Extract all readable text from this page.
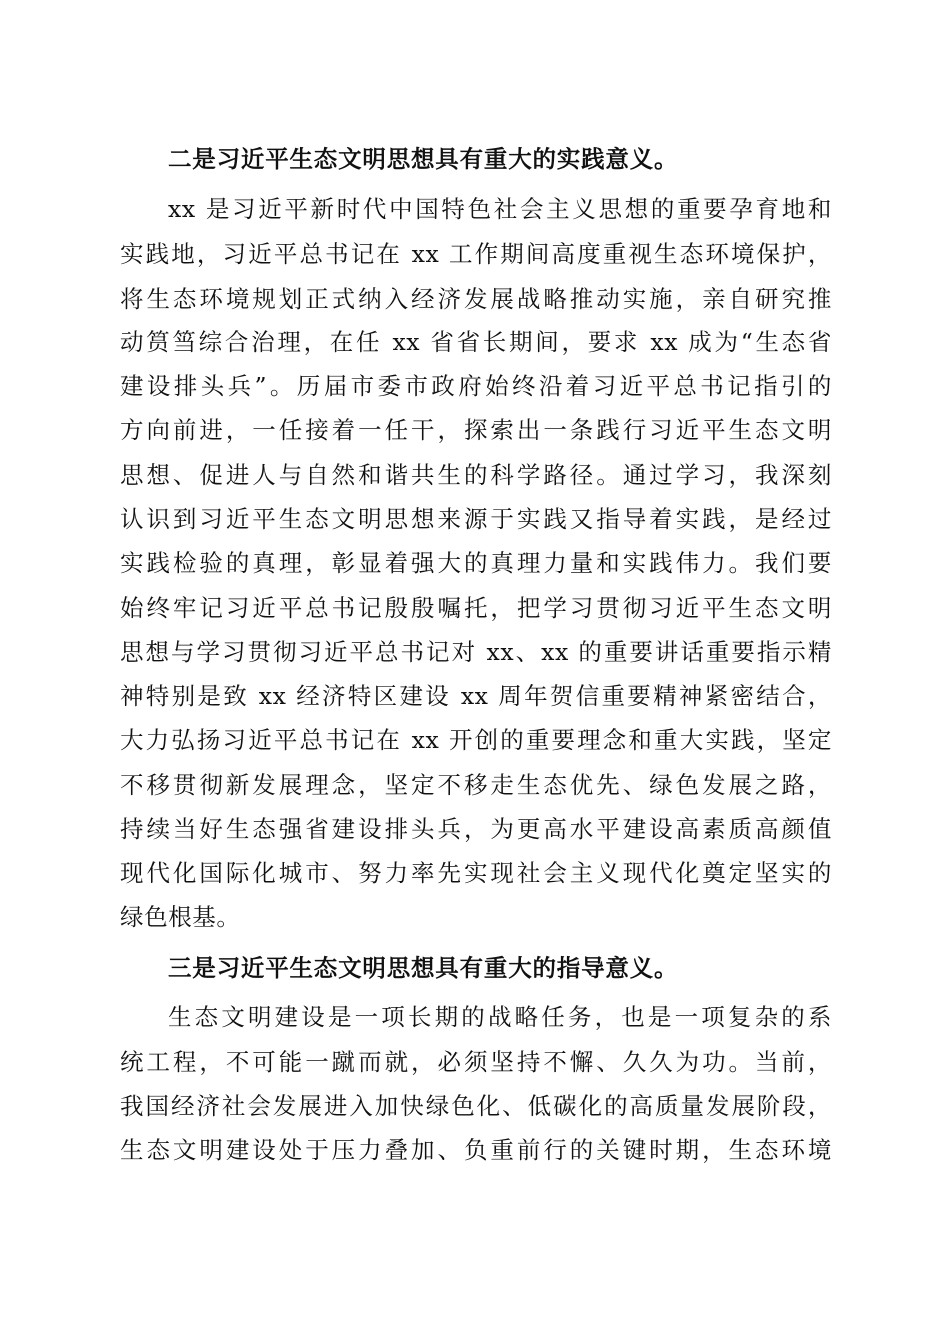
二是习近平生态文明思想具有重大的实践意义。
xx 是习近平新时代中国特色社会主义思想的重要孕育地和
实践地，习近平总书记在 xx 工作期间高度重视生态环境保护，
将生态环境规划正式纳入经济发展战略推动实施，亲自研究推
动筼筜综合治理，在任 xx 省省长期间，要求 xx 成为“生态省
建设排头兵”。历届市委市政府始终沿着习近平总书记指引的
方向前进，一任接着一任干，探索出一条践行习近平生态文明
思想、促进人与自然和谐共生的科学路径。通过学习，我深刻
认识到习近平生态文明思想来源于实践又指导着实践，是经过
实践检验的真理，彰显着强大的真理力量和实践伟力。我们要
始终牢记习近平总书记殷殷嘱托，把学习贯彻习近平生态文明
思想与学习贯彻习近平总书记对 xx、xx 的重要讲话重要指示精
神特别是致 xx 经济特区建设 xx 周年贺信重要精神紧密结合，
大力弘扬习近平总书记在 xx 开创的重要理念和重大实践，坚定
不移贯彻新发展理念，坚定不移走生态优先、绿色发展之路，
持续当好生态强省建设排头兵，为更高水平建设高素质高颜值
现代化国际化城市、努力率先实现社会主义现代化奠定坚实的
绿色根基。
三是习近平生态文明思想具有重大的指导意义。
生态文明建设是一项长期的战略任务，也是一项复杂的系
统工程，不可能一蹴而就，必须坚持不懈、久久为功。当前，
我国经济社会发展进入加快绿色化、低碳化的高质量发展阶段，
生态文明建设处于压力叠加、负重前行的关键时期，生态环境
